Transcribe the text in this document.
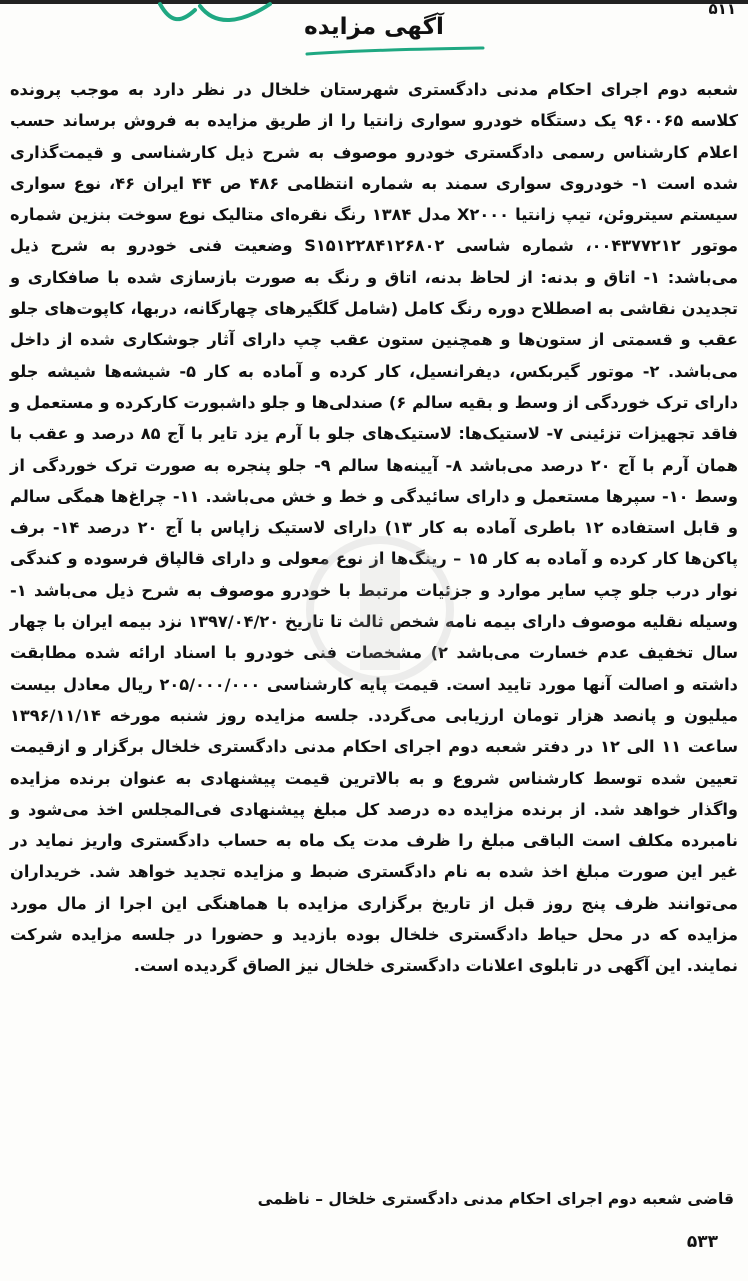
۵۱۱
آگهی مزایده
شعبه دوم اجرای احکام مدنی دادگستری شهرستان خلخال در نظر دارد به موجب پرونده کلاسه ۹۶۰۰۶۵ یک دستگاه خودرو سواری زانتیا را از طریق مزایده به فروش برساند حسب اعلام کارشناس رسمی دادگستری خودرو موصوف به شرح ذیل کارشناسی و قیمت‌گذاری شده است ۱- خودروی سواری سمند به شماره انتظامی ۴۸۶ ص ۴۴ ایران ۴۶، نوع سواری سیستم سیتروئن، تیپ زانتیا X۲۰۰۰ مدل ۱۳۸۴ رنگ نقره‌ای متالیک نوع سوخت بنزین شماره موتور ۰۰۴۳۷۷۲۱۲، شماره شاسی S۱۵۱۲۲۸۴۱۲۶۸۰۲ وضعیت فنی خودرو به شرح ذیل می‌باشد: ۱- اتاق و بدنه: از لحاظ بدنه، اتاق و رنگ به صورت بازسازی شده با صافکاری و تجدیدن نقاشی به اصطلاح دوره رنگ کامل (شامل گلگیرهای چهارگانه، دربها، کاپوت‌های جلو عقب و قسمتی از ستون‌ها و همچنین ستون عقب چپ دارای آثار جوشکاری شده از داخل می‌باشد. ۲- موتور گیربکس، دیفرانسیل، کار کرده و آماده به کار ۵- شیشه‌ها شیشه جلو دارای ترک خوردگی از وسط و بقیه سالم ۶) صندلی‌ها و جلو داشبورت کارکرده و مستعمل و فاقد تجهیزات تزئینی ۷- لاستیک‌ها: لاستیک‌های جلو با آرم یزد تایر با آج ۸۵ درصد و عقب با همان آرم با آج ۲۰ درصد می‌باشد ۸- آیینه‌ها سالم ۹- جلو پنجره به صورت ترک خوردگی از وسط ۱۰- سپرها مستعمل و دارای سائیدگی و خط و خش می‌باشد. ۱۱- چراغ‌ها همگی سالم و قابل استفاده ۱۲ باطری آماده به کار ۱۳) دارای لاستیک زاپاس با آج ۲۰ درصد ۱۴- برف پاکن‌ها کار کرده و آماده به کار ۱۵ – رینگ‌ها از نوع معولی و دارای قالپاق فرسوده و کندگی نوار درب جلو چپ سایر موارد و جزئیات مرتبط با خودرو موصوف به شرح ذیل می‌باشد ۱- وسیله نقلیه موصوف دارای بیمه نامه شخص ثالث تا تاریخ ۱۳۹۷/۰۴/۲۰ نزد بیمه ایران با چهار سال تخفیف عدم خسارت می‌باشد ۲) مشخصات فنی خودرو با اسناد ارائه شده مطابقت داشته و اصالت آنها مورد تایید است. قیمت پایه کارشناسی ۲۰۵/۰۰۰/۰۰۰ ریال معادل بیست میلیون و پانصد هزار تومان ارزیابی می‌گردد. جلسه مزایده روز شنبه مورخه ۱۳۹۶/۱۱/۱۴ ساعت ۱۱ الی ۱۲ در دفتر شعبه دوم اجرای احکام مدنی دادگستری خلخال برگزار و ازقیمت تعیین شده توسط کارشناس شروع و به بالاترین قیمت پیشنهادی به عنوان برنده مزایده واگذار خواهد شد. از برنده مزایده ده درصد کل مبلغ پیشنهادی فی‌المجلس اخذ می‌شود و نامبرده مکلف است الباقی مبلغ را ظرف مدت یک ماه به حساب دادگستری واریز نماید در غیر این صورت مبلغ اخذ شده به نام دادگستری ضبط و مزایده تجدید خواهد شد. خریداران می‌توانند ظرف پنج روز قبل از تاریخ برگزاری مزایده با هماهنگی این اجرا از مال مورد مزایده که در محل حیاط دادگستری خلخال بوده بازدید و حضورا در جلسه مزایده شرکت نمایند. این آگهی در تابلوی اعلانات دادگستری خلخال نیز الصاق گردیده است.
قاضی شعبه دوم اجرای احکام مدنی دادگستری خلخال – ناظمی
۵۳۳
